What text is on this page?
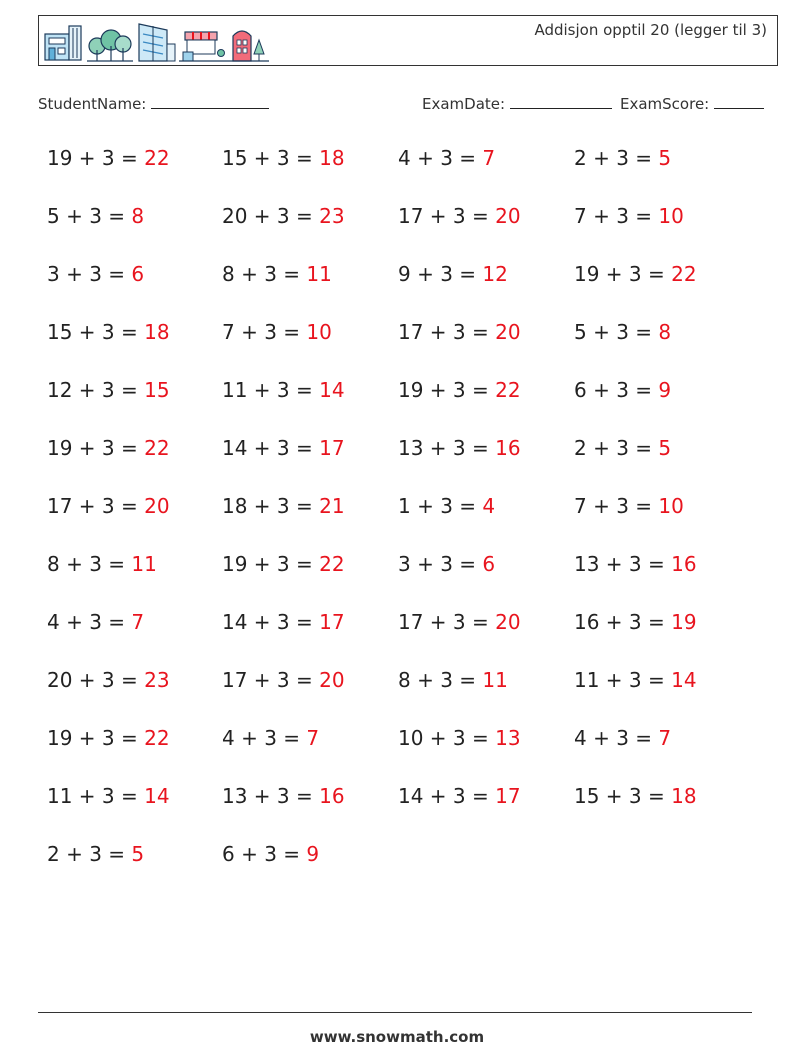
Addisjon opptil 20 (legger til 3)
StudentName:	ExamDate:	ExamScore:
19 + 3 = 22	15 + 3 = 18	4 + 3 = 7	2 + 3 = 5
5 + 3 = 8	20 + 3 = 23	17 + 3 = 20	7 + 3 = 10
3 + 3 = 6	8 + 3 = 11	9 + 3 = 12	19 + 3 = 22
15 + 3 = 18	7 + 3 = 10	17 + 3 = 20	5 + 3 = 8
12 + 3 = 15	11 + 3 = 14	19 + 3 = 22	6 + 3 = 9
19 + 3 = 22	14 + 3 = 17	13 + 3 = 16	2 + 3 = 5
17 + 3 = 20	18 + 3 = 21	1 + 3 = 4	7 + 3 = 10
8 + 3 = 11	19 + 3 = 22	3 + 3 = 6	13 + 3 = 16
4 + 3 = 7	14 + 3 = 17	17 + 3 = 20	16 + 3 = 19
20 + 3 = 23	17 + 3 = 20	8 + 3 = 11	11 + 3 = 14
19 + 3 = 22	4 + 3 = 7	10 + 3 = 13	4 + 3 = 7
11 + 3 = 14	13 + 3 = 16	14 + 3 = 17	15 + 3 = 18
2 + 3 = 5	6 + 3 = 9
www.snowmath.com
